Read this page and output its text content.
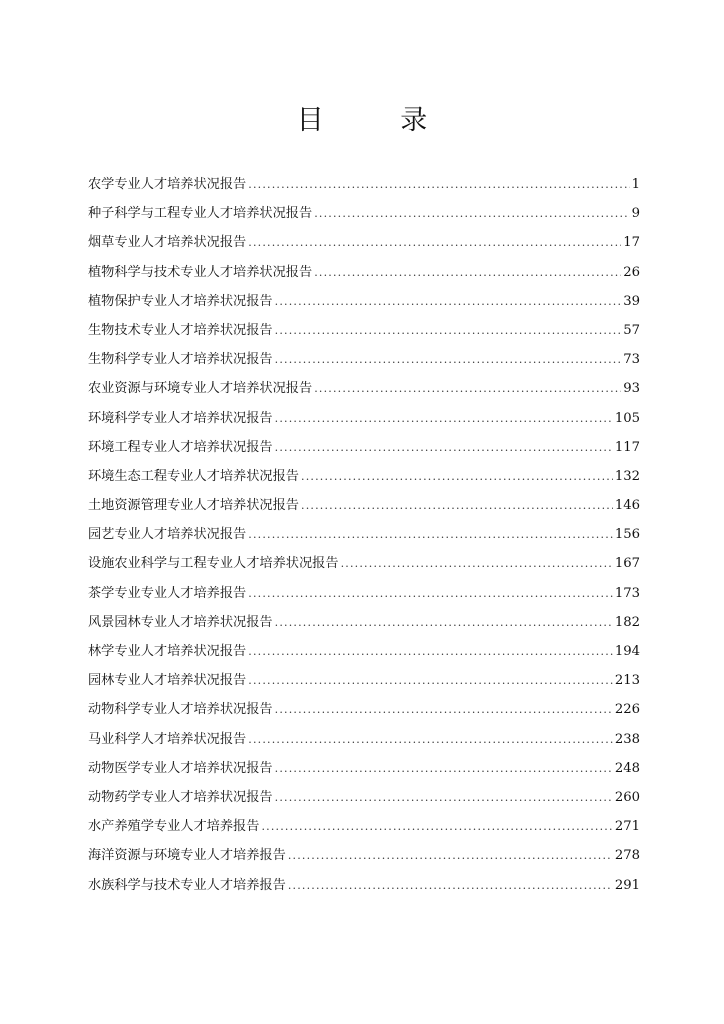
目 录
农学专业人才培养状况报告 .....	1
种子科学与工程专业人才培养状况报告 .....	9
烟草专业人才培养状况报告 .....	17
植物科学与技术专业人才培养状况报告 .....	26
植物保护专业人才培养状况报告 .....	39
生物技术专业人才培养状况报告 .....	57
生物科学专业人才培养状况报告 .....	73
农业资源与环境专业人才培养状况报告 .....	93
环境科学专业人才培养状况报告 .....	105
环境工程专业人才培养状况报告 .....	117
环境生态工程专业人才培养状况报告 .....	132
土地资源管理专业人才培养状况报告 .....	146
园艺专业人才培养状况报告 .....	156
设施农业科学与工程专业人才培养状况报告 .....	167
茶学专业专业人才培养报告 .....	173
风景园林专业人才培养状况报告 .....	182
林学专业人才培养状况报告 .....	194
园林专业人才培养状况报告 .....	213
动物科学专业人才培养状况报告 .....	226
马业科学人才培养状况报告 .....	238
动物医学专业人才培养状况报告 .....	248
动物药学专业人才培养状况报告 .....	260
水产养殖学专业人才培养报告 .....	271
海洋资源与环境专业人才培养报告 .....	278
水族科学与技术专业人才培养报告 .....	291
